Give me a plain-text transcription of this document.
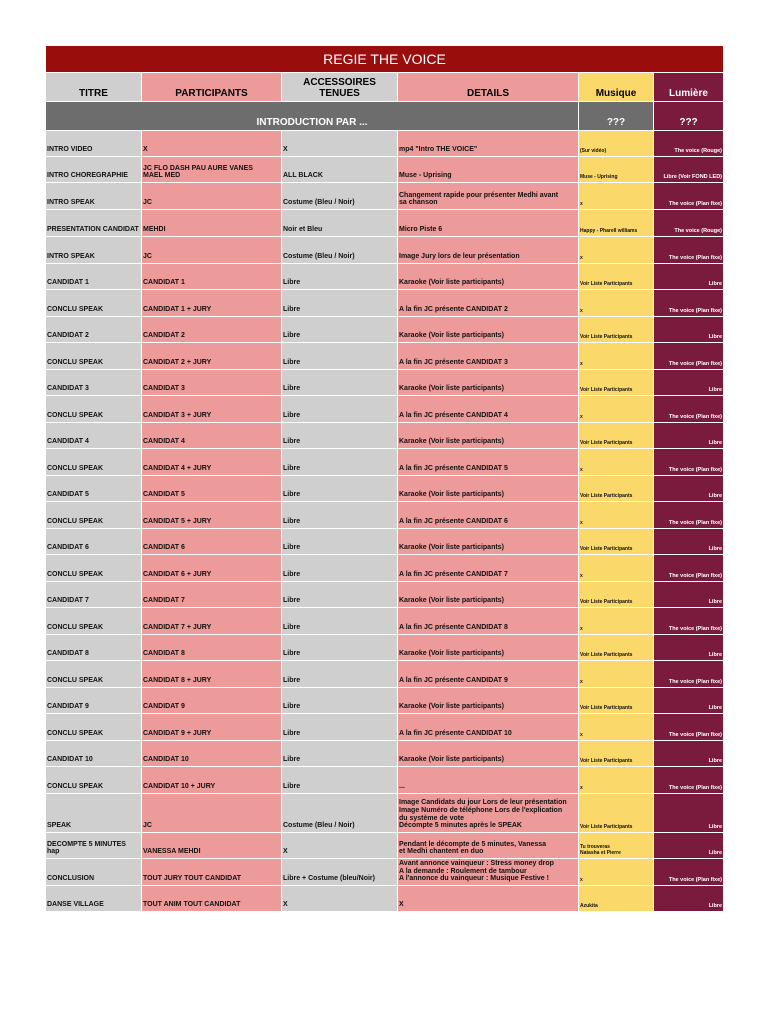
REGIE THE VOICE					
TITRE	PARTICIPANTS	ACCESSOIRES
TENUES	DETAILS	Musique	Lumière
INTRODUCTION PAR ...				???	???

INTRO VIDEO	X	X	mp4 "Intro THE VOICE"	(Sur vidéo)	The voice (Rouge)

INTRO CHOREGRAPHIE	JC FLO DASH PAU AURE VANES
MAEL MED	ALL BLACK	Muse - Uprising	Muse - Uprising	Libre (Voir FOND LED)

INTRO SPEAK	JC	Costume (Bleu / Noir)	Changement rapide pour présenter Medhi avant
sa chanson	x	The voice (Plan fixe)

PRESENTATION CANDIDAT	MEHDI	Noir et Bleu	Micro Piste 6	Happy - Pharell williams	The voice (Rouge)

INTRO SPEAK	JC	Costume (Bleu / Noir)	Image Jury lors de leur présentation	x	The voice (Plan fixe)

CANDIDAT 1	CANDIDAT 1	Libre	Karaoke (Voir liste participants)	Voir Liste Participants	Libre

CONCLU SPEAK	CANDIDAT 1 + JURY	Libre	A la fin JC présente CANDIDAT 2	x	The voice (Plan fixe)

CANDIDAT 2	CANDIDAT 2	Libre	Karaoke (Voir liste participants)	Voir Liste Participants	Libre

CONCLU SPEAK	CANDIDAT 2 + JURY	Libre	A la fin JC présente CANDIDAT 3	x	The voice (Plan fixe)

CANDIDAT 3	CANDIDAT 3	Libre	Karaoke (Voir liste participants)	Voir Liste Participants	Libre

CONCLU SPEAK	CANDIDAT 3 + JURY	Libre	A la fin JC présente CANDIDAT 4	x	The voice (Plan fixe)

CANDIDAT 4	CANDIDAT 4	Libre	Karaoke (Voir liste participants)	Voir Liste Participants	Libre

CONCLU SPEAK	CANDIDAT 4 + JURY	Libre	A la fin JC présente CANDIDAT 5	x	The voice (Plan fixe)

CANDIDAT 5	CANDIDAT 5	Libre	Karaoke (Voir liste participants)	Voir Liste Participants	Libre

CONCLU SPEAK	CANDIDAT 5 + JURY	Libre	A la fin JC présente CANDIDAT 6	x	The voice (Plan fixe)

CANDIDAT 6	CANDIDAT 6	Libre	Karaoke (Voir liste participants)	Voir Liste Participants	Libre

CONCLU SPEAK	CANDIDAT 6 + JURY	Libre	A la fin JC présente CANDIDAT 7	x	The voice (Plan fixe)

CANDIDAT 7	CANDIDAT 7	Libre	Karaoke (Voir liste participants)	Voir Liste Participants	Libre

CONCLU SPEAK	CANDIDAT 7 + JURY	Libre	A la fin JC présente CANDIDAT 8	x	The voice (Plan fixe)

CANDIDAT 8	CANDIDAT 8	Libre	Karaoke (Voir liste participants)	Voir Liste Participants	Libre

CONCLU SPEAK	CANDIDAT 8 + JURY	Libre	A la fin JC présente CANDIDAT 9	x	The voice (Plan fixe)

CANDIDAT 9	CANDIDAT 9	Libre	Karaoke (Voir liste participants)	Voir Liste Participants	Libre

CONCLU SPEAK	CANDIDAT 9 + JURY	Libre	A la fin JC présente CANDIDAT 10	x	The voice (Plan fixe)

CANDIDAT 10	CANDIDAT 10	Libre	Karaoke (Voir liste participants)	Voir Liste Participants	Libre

CONCLU SPEAK	CANDIDAT 10 + JURY	Libre	...	x	The voice (Plan fixe)

SPEAK	JC	Costume (Bleu / Noir)	Image Candidats du jour Lors de leur présentation
Image Numéro de téléphone Lors de l'explication
du système de vote
Décompte 5 minutes après le SPEAK	Voir Liste Participants	Libre

DECOMPTE 5 MINUTES hap	VANESSA MEHDI	X	Pendant le décompte de 5 minutes, Vanessa
et Medhi chantent en duo	Tu trouveras
Natasha et Pierre	Libre

CONCLUSION	TOUT JURY TOUT CANDIDAT	Libre + Costume (bleu/Noir)	Avant annonce vainqueur : Stress money drop
A la demande : Roulement de tambour
A l'annonce du vainqueur : Musique Festive !	x	The voice (Plan fixe)

DANSE VILLAGE	TOUT ANIM TOUT CANDIDAT	X	X	Azukita	Libre
